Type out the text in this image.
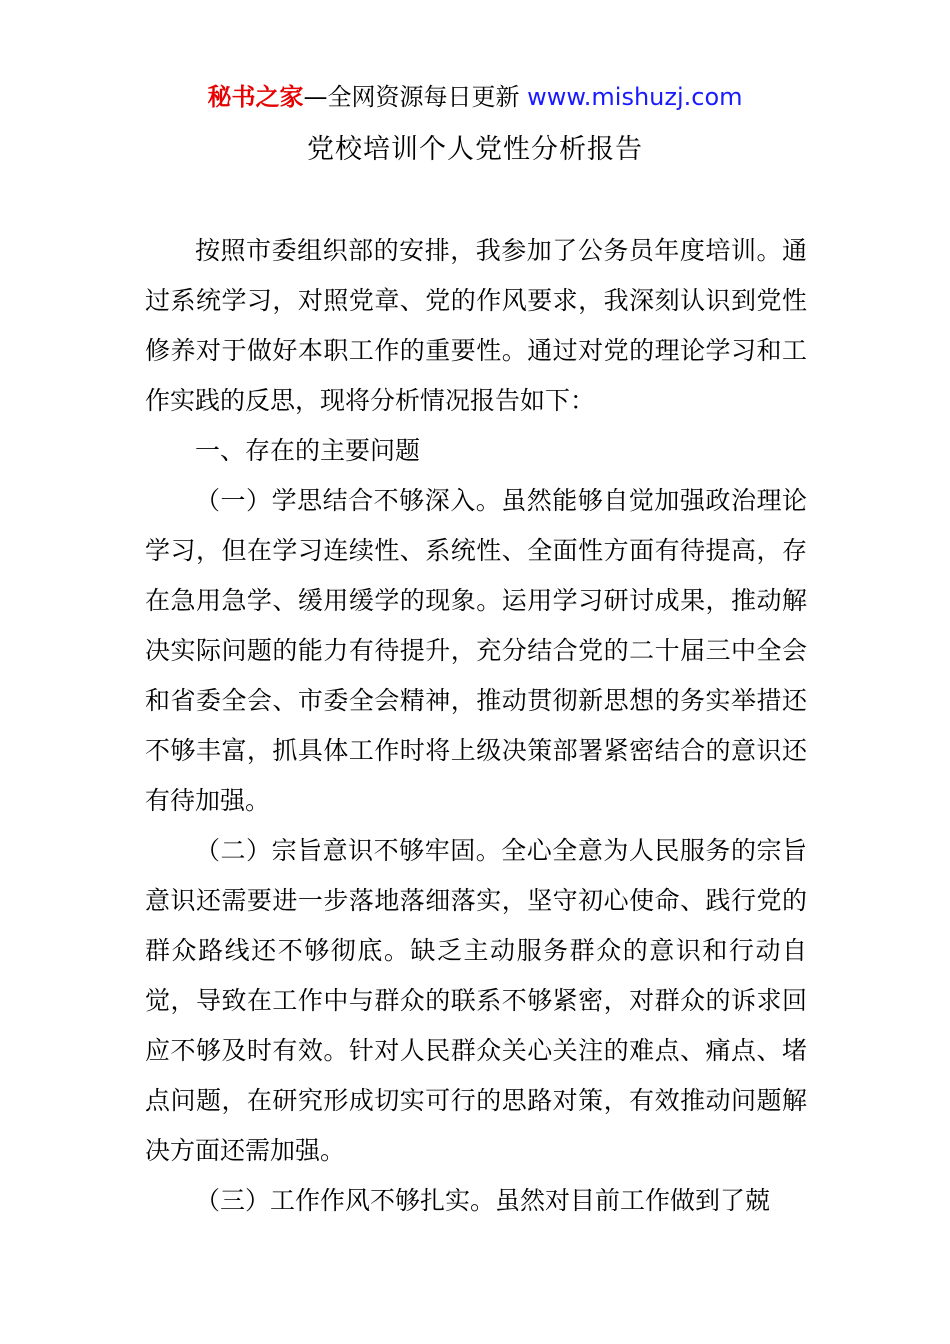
秘书之家—全网资源每日更新 www.mishuzj.com
党校培训个人党性分析报告

按照市委组织部的安排，我参加了公务员年度培训。通过系统学习，对照党章、党的作风要求，我深刻认识到党性修养对于做好本职工作的重要性。通过对党的理论学习和工作实践的反思，现将分析情况报告如下：

一、存在的主要问题

（一）学思结合不够深入。虽然能够自觉加强政治理论学习，但在学习连续性、系统性、全面性方面有待提高，存在急用急学、缓用缓学的现象。运用学习研讨成果，推动解决实际问题的能力有待提升，充分结合党的二十届三中全会和省委全会、市委全会精神，推动贯彻新思想的务实举措还不够丰富，抓具体工作时将上级决策部署紧密结合的意识还有待加强。

（二）宗旨意识不够牢固。全心全意为人民服务的宗旨意识还需要进一步落地落细落实，坚守初心使命、践行党的群众路线还不够彻底。缺乏主动服务群众的意识和行动自觉，导致在工作中与群众的联系不够紧密，对群众的诉求回应不够及时有效。针对人民群众关心关注的难点、痛点、堵点问题，在研究形成切实可行的思路对策，有效推动问题解决方面还需加强。

（三）工作作风不够扎实。虽然对目前工作做到了兢
